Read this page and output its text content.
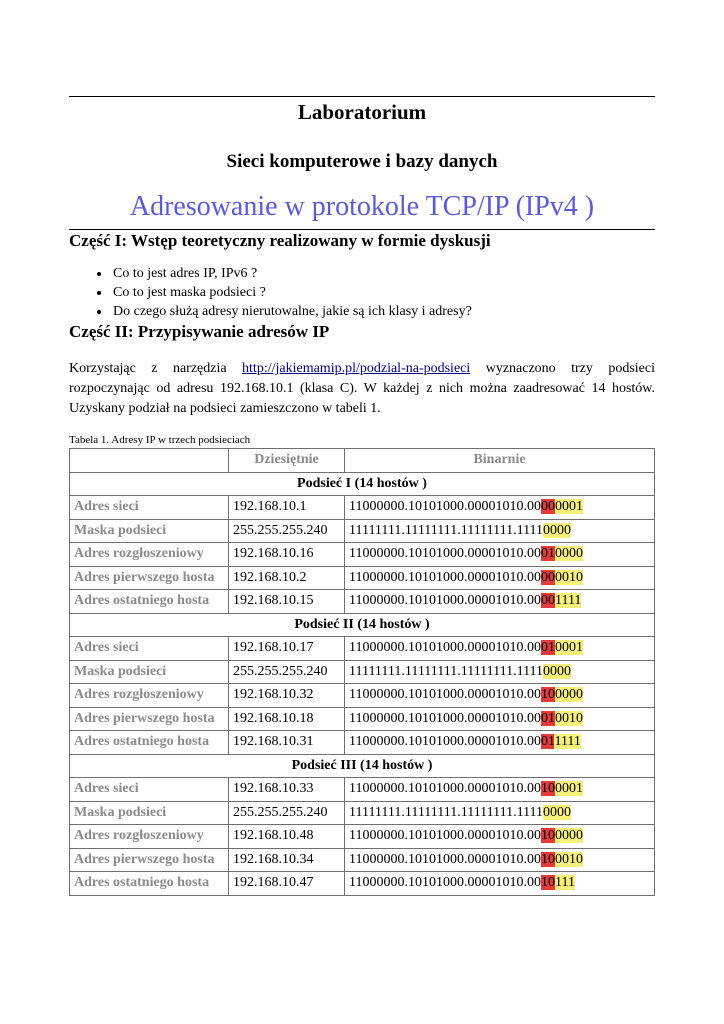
Laboratorium
Sieci komputerowe i bazy danych
Adresowanie w protokole TCP/IP (IPv4 )
Część I: Wstęp teoretyczny realizowany w formie dyskusji
• Co to jest adres IP, IPv6 ?
• Co to jest maska podsieci ?
• Do czego służą adresy nierutowalne, jakie są ich klasy i adresy?
Część II: Przypisywanie adresów IP

Korzystając z narzędzia http://jakiemamip.pl/podzial-na-podsieci wyznaczono trzy podsieci rozpoczynając od adresu 192.168.10.1 (klasa C). W każdej z nich można zaadresować 14 hostów. Uzyskany podział na podsieci zamieszczono w tabeli 1.

Tabela 1. Adresy IP w trzech podsieciach
	Dziesiętnie	Binarnie
Podsieć I (14 hostów )		
Adres sieci	192.168.10.1	11000000.10101000.00001010.00000001
Maska podsieci	255.255.255.240	11111111.11111111.11111111.11110000
Adres rozgłoszeniowy	192.168.10.16	11000000.10101000.00001010.00010000
Adres pierwszego hosta	192.168.10.2	11000000.10101000.00001010.00000010
Adres ostatniego hosta	192.168.10.15	11000000.10101000.00001010.00001111
Podsieć II (14 hostów )		
Adres sieci	192.168.10.17	11000000.10101000.00001010.00010001
Maska podsieci	255.255.255.240	11111111.11111111.11111111.11110000
Adres rozgłoszeniowy	192.168.10.32	11000000.10101000.00001010.00100000
Adres pierwszego hosta	192.168.10.18	11000000.10101000.00001010.00010010
Adres ostatniego hosta	192.168.10.31	11000000.10101000.00001010.00011111
Podsieć III (14 hostów )		
Adres sieci	192.168.10.33	11000000.10101000.00001010.00100001
Maska podsieci	255.255.255.240	11111111.11111111.11111111.11110000
Adres rozgłoszeniowy	192.168.10.48	11000000.10101000.00001010.00100000
Adres pierwszego hosta	192.168.10.34	11000000.10101000.00001010.00100010
Adres ostatniego hosta	192.168.10.47	11000000.10101000.00001010.0010111
